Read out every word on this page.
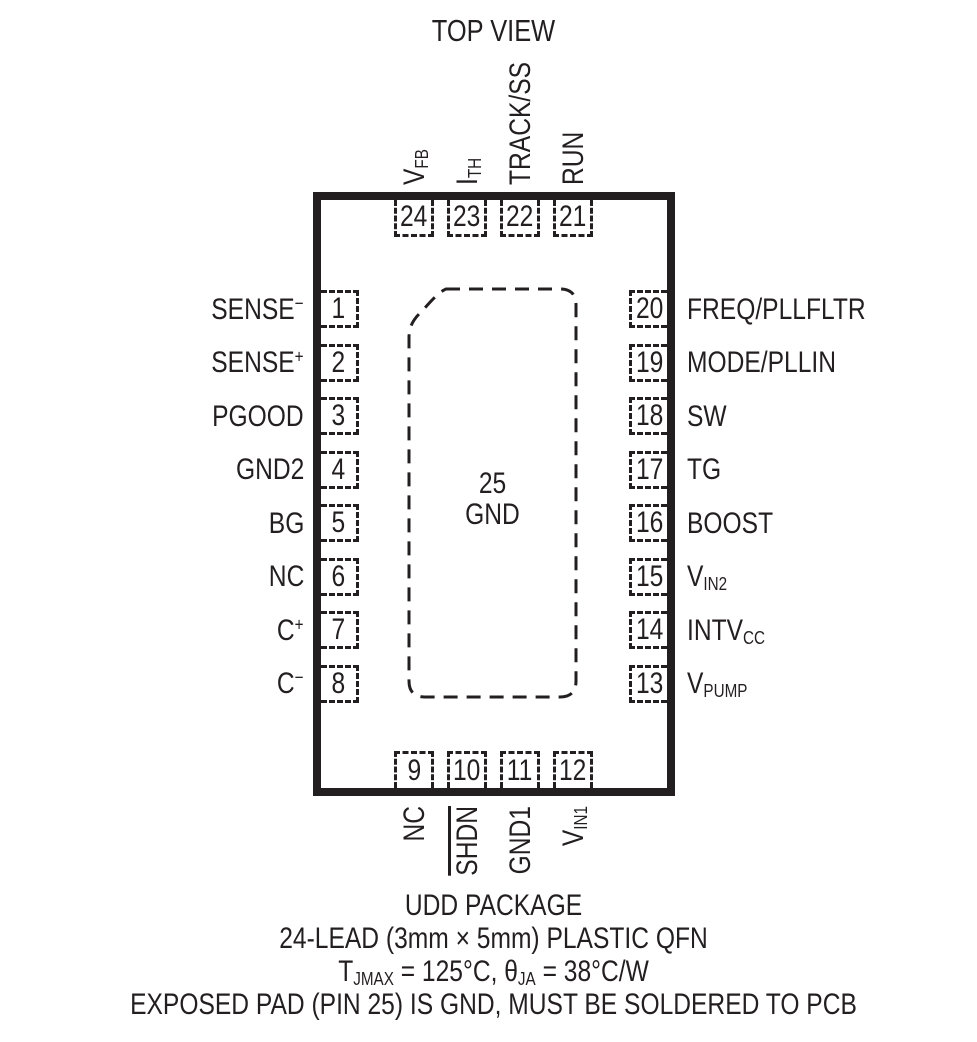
TOP VIEW
25
GND
UDD PACKAGE
24-LEAD (3mm × 5mm) PLASTIC QFN
$T_{JMAX} = 125^\circ C$, $\theta_{JA} = 38^\circ C/W$
EXPOSED PAD (PIN 25) IS GND, MUST BE SOLDERED TO PCB
1
SENSE−
2
SENSE+
3
PGOOD
4
GND2
5
BG
6
NC
7
C+
8
C−
20 FREQ/PLLFLTR
19 MODE/PLLIN
18 SW
17 TG
16 BOOST
15 $V_{IN2}$
14 $INTV_{CC}$
13 $V_{PUMP}$
24
$V_{FB}$
23
$I_{TH}$
22
TRACK/SS
21
RUN
9
NC
10
SHDN
11
GND1
12
$V_{IN1}$
